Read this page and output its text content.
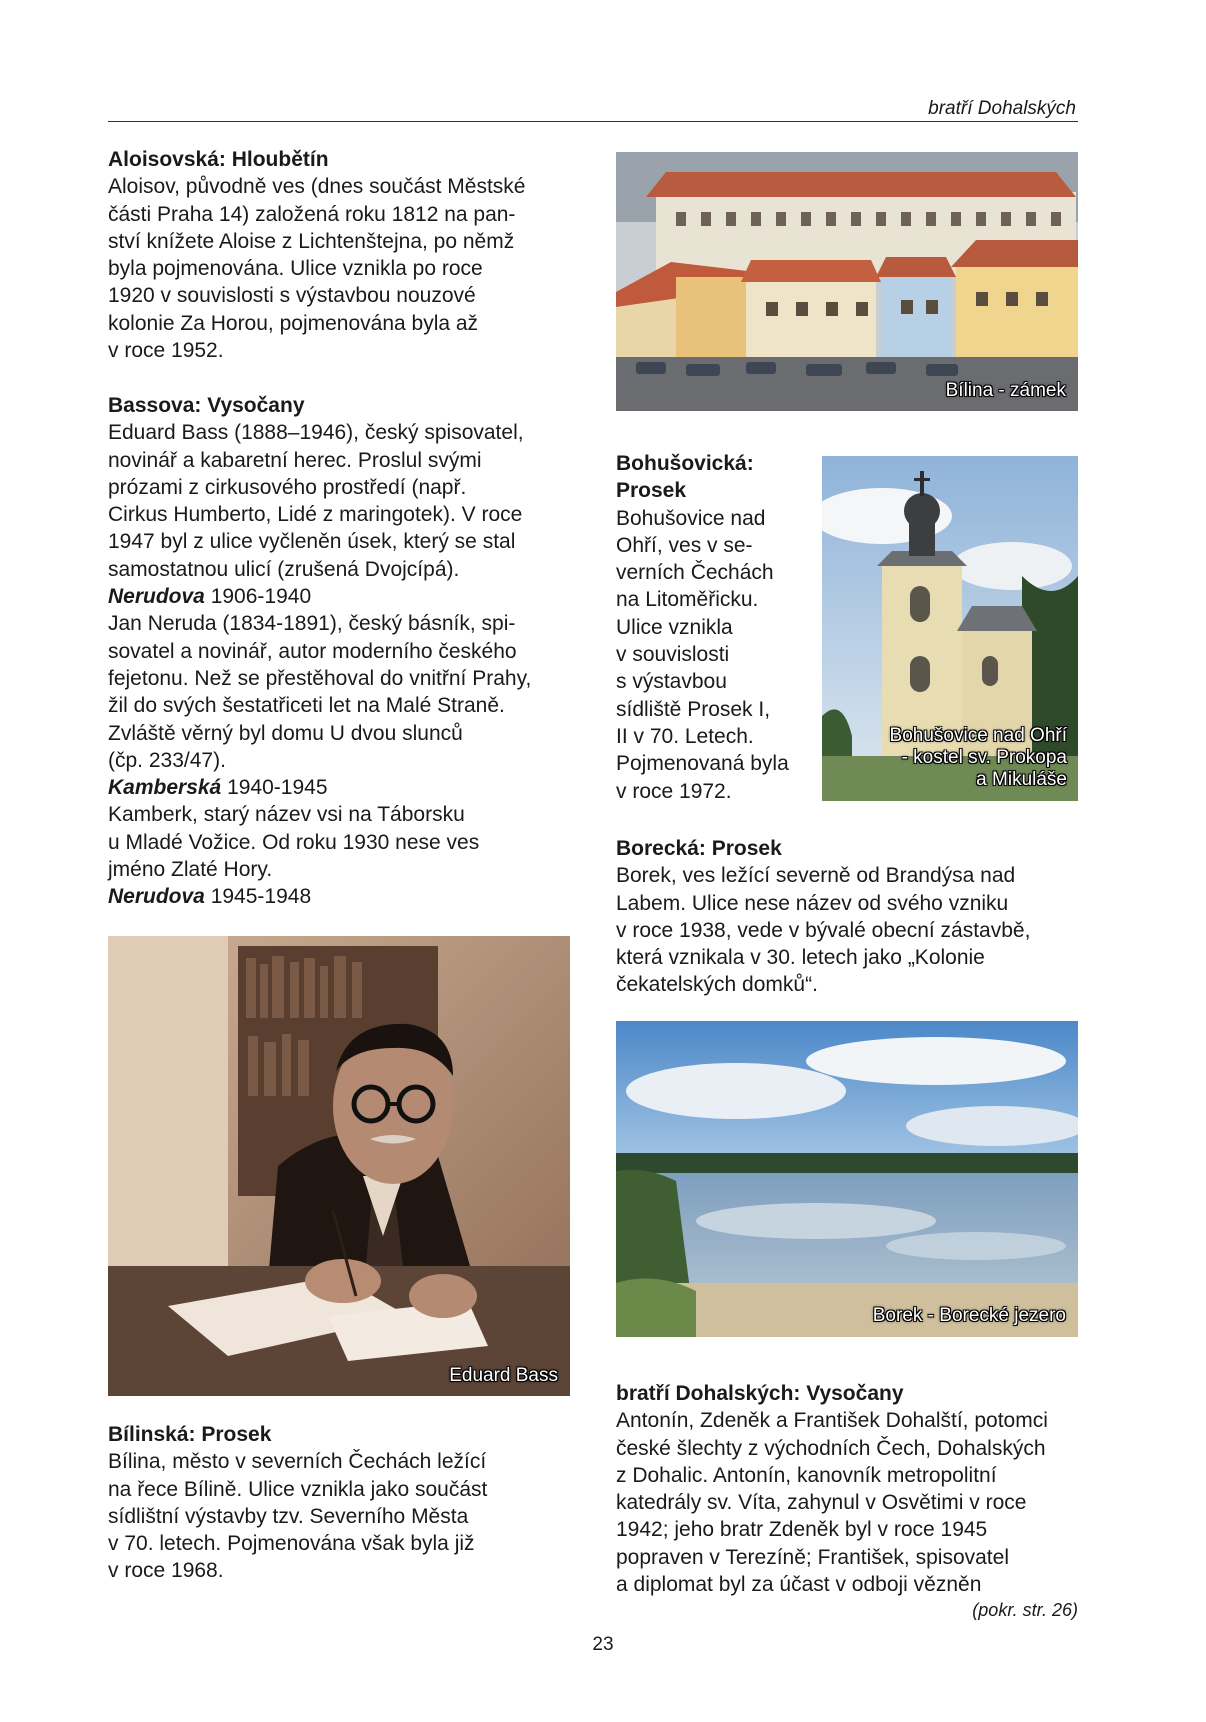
bratří Dohalských
Aloisovská: Hloubětín
Aloisov, původně ves (dnes součást Městské
části Praha 14) založená roku 1812 na pan-
ství knížete Aloise z Lichtenštejna, po němž
byla pojmenována. Ulice vznikla po roce
1920 v souvislosti s výstavbou nouzové
kolonie Za Horou, pojmenována byla až
v roce 1952.
Bassova: Vysočany
Eduard Bass (1888–1946), český spisovatel,
novinář a kabaretní herec. Proslul svými
prózami z cirkusového prostředí (např.
Cirkus Humberto, Lidé z maringotek). V roce
1947 byl z ulice vyčleněn úsek, který se stal
samostatnou ulicí (zrušená Dvojcípá).
Nerudova 1906-1940
Jan Neruda (1834-1891), český básník, spi-
sovatel a novinář, autor moderního českého
fejetonu. Než se přestěhoval do vnitřní Prahy,
žil do svých šestatřiceti let na Malé Straně.
Zvláště věrný byl domu U dvou slunců
(čp. 233/47).
Kamberská 1940-1945
Kamberk, starý název vsi na Táborsku
u Mladé Vožice. Od roku 1930 nese ves
jméno Zlaté Hory.
Nerudova 1945-1948
Bílinská: Prosek
Bílina, město v severních Čechách ležící
na řece Bílině. Ulice vznikla jako součást
sídlištní výstavby tzv. Severního Města
v 70. letech. Pojmenována však byla již
v roce 1968.
Eduard Bass
Bílina - zámek
Bohušovická:
Prosek
Bohušovice nad
Ohří, ves v se-
verních Čechách
na Litoměřicku.
Ulice vznikla
v souvislosti
s výstavbou
sídliště Prosek I,
II v 70. Letech.
Pojmenovaná byla
v roce 1972.
Borecká: Prosek
Borek, ves ležící severně od Brandýsa nad
Labem. Ulice nese název od svého vzniku
v roce 1938, vede v bývalé obecní zástavbě,
která vznikala v 30. letech jako „Kolonie
čekatelských domků“.
bratří Dohalských: Vysočany
Antonín, Zdeněk a František Dohalští, potomci
české šlechty z východních Čech, Dohalských
z Dohalic. Antonín, kanovník metropolitní
katedrály sv. Víta, zahynul v Osvětimi v roce
1942; jeho bratr Zdeněk byl v roce 1945
popraven v Terezíně; František, spisovatel
a diplomat byl za účast v odboji vězněn
Bohušovice nad Ohří
- kostel sv. Prokopa
a Mikuláše
Borek - Borecké jezero
(pokr. str. 26)
23
